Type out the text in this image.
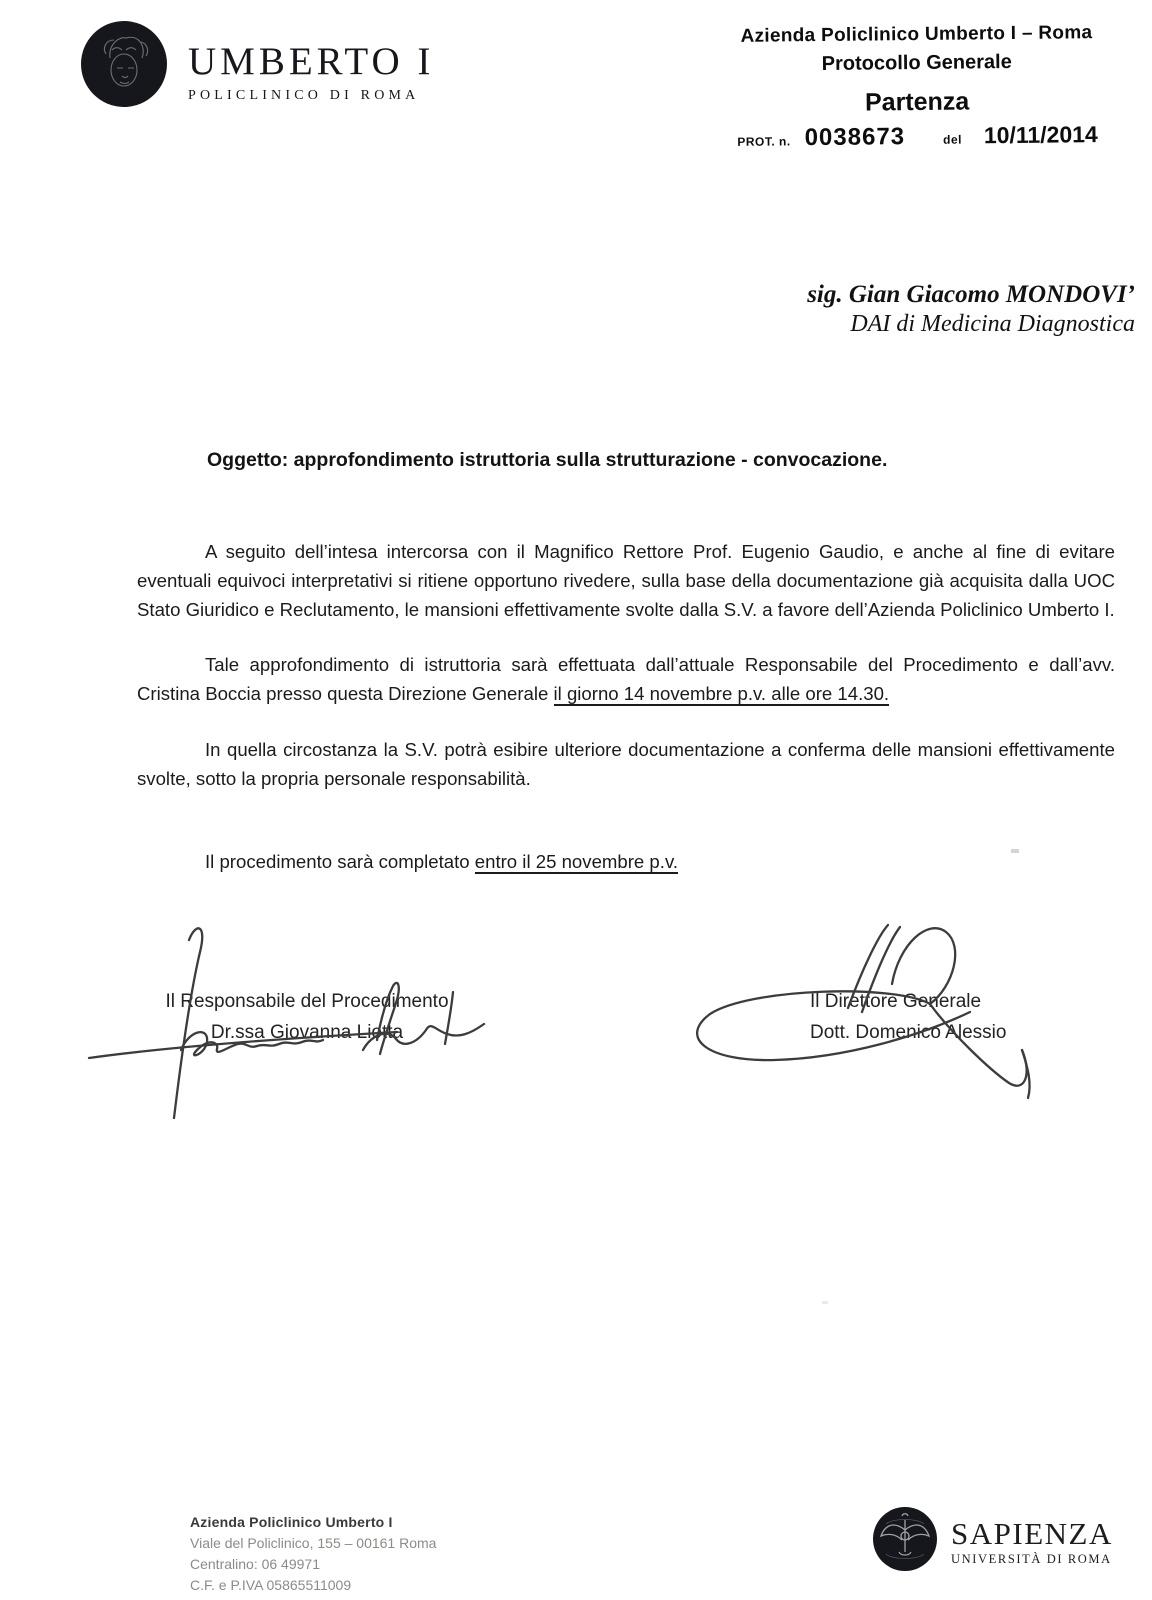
UMBERTO I
POLICLINICO DI ROMA
Azienda Policlinico Umberto I – Roma
Protocollo Generale
Partenza
PROT. n. 0038673	del 10/11/2014
sig. Gian Giacomo MONDOVI’
DAI di Medicina Diagnostica
Oggetto: approfondimento istruttoria sulla strutturazione - convocazione.

A seguito dell’intesa intercorsa con il Magnifico Rettore Prof. Eugenio Gaudio, e anche al fine di evitare eventuali equivoci interpretativi si ritiene opportuno rivedere, sulla base della documentazione già acquisita dalla UOC Stato Giuridico e Reclutamento, le mansioni effettivamente svolte dalla S.V. a favore dell’Azienda Policlinico Umberto I.

Tale approfondimento di istruttoria sarà effettuata dall’attuale Responsabile del Procedimento e dall’avv. Cristina Boccia presso questa Direzione Generale il giorno 14 novembre p.v. alle ore 14.30.

In quella circostanza la S.V. potrà esibire ulteriore documentazione a conferma delle mansioni effettivamente svolte, sotto la propria personale responsabilità.

Il procedimento sarà completato entro il 25 novembre p.v.

Il Responsabile del Procedimento
Dr.ssa Giovanna Liotta
Il Direttore Generale
Dott. Domenico Alessio
Azienda Policlinico Umberto I
Viale del Policlinico, 155 – 00161 Roma
Centralino: 06 49971
C.F. e P.IVA 05865511009
SAPIENZA
UNIVERSITÀ DI ROMA
